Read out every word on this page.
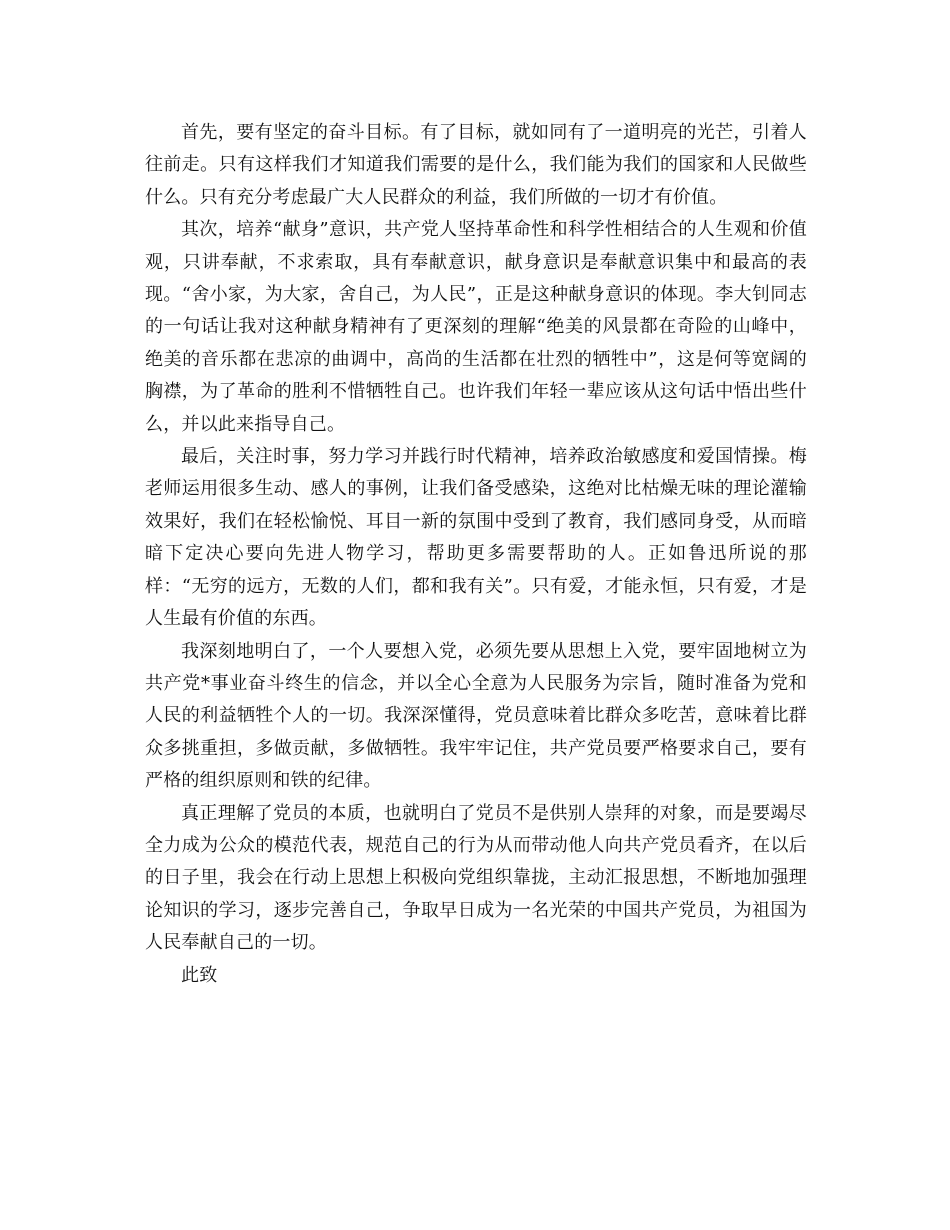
首先，要有坚定的奋斗目标。有了目标，就如同有了一道明亮的光芒，引着人往前走。只有这样我们才知道我们需要的是什么，我们能为我们的国家和人民做些什么。只有充分考虑最广大人民群众的利益，我们所做的一切才有价值。

其次，培养“献身”意识，共产党人坚持革命性和科学性相结合的人生观和价值观，只讲奉献，不求索取，具有奉献意识，献身意识是奉献意识集中和最高的表现。“舍小家，为大家，舍自己，为人民”，正是这种献身意识的体现。李大钊同志的一句话让我对这种献身精神有了更深刻的理解“绝美的风景都在奇险的山峰中，绝美的音乐都在悲凉的曲调中，高尚的生活都在壮烈的牺牲中”，这是何等宽阔的胸襟，为了革命的胜利不惜牺牲自己。也许我们年轻一辈应该从这句话中悟出些什么，并以此来指导自己。

最后，关注时事，努力学习并践行时代精神，培养政治敏感度和爱国情操。梅老师运用很多生动、感人的事例，让我们备受感染，这绝对比枯燥无味的理论灌输效果好，我们在轻松愉悦、耳目一新的氛围中受到了教育，我们感同身受，从而暗暗下定决心要向先进人物学习，帮助更多需要帮助的人。正如鲁迅所说的那样：“无穷的远方，无数的人们，都和我有关”。只有爱，才能永恒，只有爱，才是人生最有价值的东西。

我深刻地明白了，一个人要想入党，必须先要从思想上入党，要牢固地树立为共产党*事业奋斗终生的信念，并以全心全意为人民服务为宗旨，随时准备为党和人民的利益牺牲个人的一切。我深深懂得，党员意味着比群众多吃苦，意味着比群众多挑重担，多做贡献，多做牺牲。我牢牢记住，共产党员要严格要求自己，要有严格的组织原则和铁的纪律。

真正理解了党员的本质，也就明白了党员不是供别人崇拜的对象，而是要竭尽全力成为公众的模范代表，规范自己的行为从而带动他人向共产党员看齐，在以后的日子里，我会在行动上思想上积极向党组织靠拢，主动汇报思想，不断地加强理论知识的学习，逐步完善自己，争取早日成为一名光荣的中国共产党员，为祖国为人民奉献自己的一切。

此致
